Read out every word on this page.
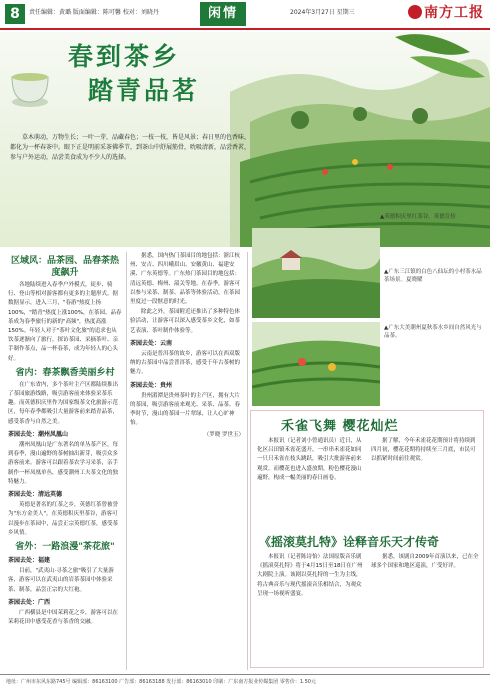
8	责任编辑：黄璐 版面编辑：陈可馨 校对：刘晓丹	闲情	2024年3月27日 星期三	南方工报
春到茶乡
踏青品茗
草木萌动，万物生长；一叶一芽，品藏春色；一枝一枝，皆是风景；春日里的色香味，都化为一杯春茶中。眼下正是明前采茶佛季节，到茶山中舒展筋骨，吮吸清新，品尝香茗，参与户外运动，品尝美食成为不少人的选择。
▲英德积庆里红茶谷。英德宣传
区域风：品茶园、品春茶热度飙升

各地陆续进入春季户外模式，徒步、骑行、登山等相对游客都有更多的主题形式。据数据显示，进入三月，"春游"热度上扬100%，"踏青"热度上涨100%，在茶园、品春茶成为春季旅行的新的"高频"，热度高涨150%。年轻人对于"茶叶文化旅"的追求也从饮茶逐渐向了旅行，探访茶园、采摘茶叶、亲手制作茶点，品一杯春茶，成为年轻人的心头好。

省内：春茶飘香美丽乡村

在广东省内，多个茶叶主产区都陆续推出了茶园旅游线路，吸引游客前来体验采茶乐趣。而英德积庆里作为国家级茶文化旅游示范区，每年春季都吸引大量游客前来踏青品茶，感受茶香与自然之美。

茶园去处：潮州凤凰山

潮州凤凰山是广东著名的单丛茶产区，每到春季，漫山遍野的茶树抽出新芽，吸引众多游客前来。游客可以跟着茶农学习采茶，亲手制作一杯凤凰单丛，感受潮州工夫茶文化的独特魅力。

茶园去处：清远英德

英德是著名的红茶之乡，英德红茶曾被誉为"东方金美人"。在英德积庆里茶谷，游客可以漫步在茶园中，品尝正宗英德红茶，感受茶乡风情。

省外：一路浪漫"茶花旅"
茶园去处：福建

目前，"武夷山·寻茶之旅"吸引了大量游客，游客可以在武夷山的岩茶茶园中体验采茶、制茶，品尝正宗的大红袍。

茶园去处：广西

广西横县是中国茉莉花之乡，游客可以在茉莉花田中感受花香与茶香的交融。

据悉，国内热门茶园目的地包括：浙江杭州、安吉、四川峨眉山、安徽黄山、福建安溪、广东英德等。广东热门茶园目的地包括：清远英德、梅州、韶关等地。在春季，游客可以参与采茶、制茶、品茶等体验活动，在茶园里度过一段惬意的时光。

除此之外，茶园附近还推出了多种特色体验活动，让游客可以深入感受茶乡文化，如茶艺表演、茶叶制作体验等。

茶园去处：云南

云南是普洱茶的故乡，游客可以在西双版纳的古茶园中品尝普洱茶，感受千年古茶树的魅力。

茶园去处：贵州

贵州湄潭是贵州茶叶的主产区，拥有大片的茶园，吸引游客前来观光、采茶、品茶。春季时节，漫山的茶园一片翠绿，让人心旷神怡。

（罗晓 罗世玉）
▲广东三江镇的白色八仙坛的小村茶水品茶场景。夏晓曜
▲广东大美潮州夏秋茶水乡间自然风光与品茶。
禾雀飞舞 樱花灿烂

本报讯（记者刘小曾通讯员）近日，从化区吕田镇禾雀花盛开，一串串禾雀花如同一只只禾雀在枝头跳跃，吸引大批游客前来观赏。而樱花也进入盛放期，粉色樱花漫山遍野，构成一幅美丽的春日画卷。

据了解，今年禾雀花花期预计将持续到四月初，樱花花期将持续至三月底，市民可以抓紧时间前往观赏。

《摇滚莫扎特》诠释音乐天才传奇

本报讯（记者陈诗怡）法国原版音乐剧《摇滚莫扎特》将于4月15日至18日在广州大剧院上演。该剧以莫扎特的一生为主线，将古典音乐与现代摇滚音乐相结合，为观众呈现一场视听盛宴。

据悉，该剧自2009年首演以来，已在全球多个国家和地区巡演，广受好评。

地址：广州市东风东路745号 编辑部：86163100 广告部：86163188 发行部：86163010 印刷：广东南方报业传媒集团 零售价：1.50元
